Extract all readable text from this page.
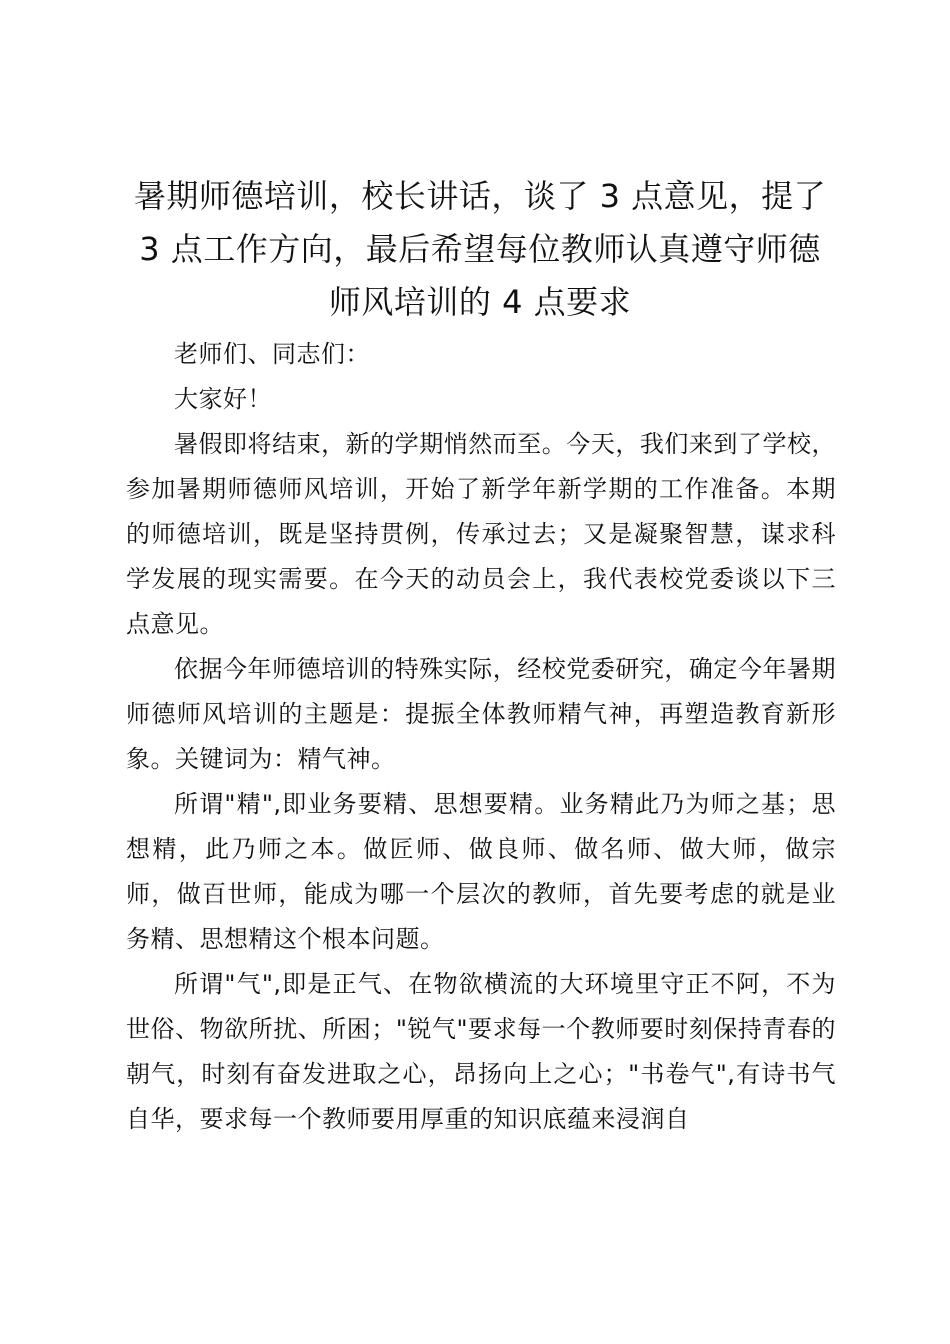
暑期师德培训，校长讲话，谈了 3 点意见，提了 3 点工作方向，最后希望每位教师认真遵守师德师风培训的 4 点要求

老师们、同志们：

大家好！

暑假即将结束，新的学期悄然而至。今天，我们来到了学校，参加暑期师德师风培训，开始了新学年新学期的工作准备。本期的师德培训，既是坚持贯例，传承过去；又是凝聚智慧，谋求科学发展的现实需要。在今天的动员会上，我代表校党委谈以下三点意见。

依据今年师德培训的特殊实际，经校党委研究，确定今年暑期师德师风培训的主题是：提振全体教师精气神，再塑造教育新形象。关键词为：精气神。

所谓"精",即业务要精、思想要精。业务精此乃为师之基；思想精，此乃师之本。做匠师、做良师、做名师、做大师，做宗师，做百世师，能成为哪一个层次的教师，首先要考虑的就是业务精、思想精这个根本问题。

所谓"气",即是正气、在物欲横流的大环境里守正不阿，不为世俗、物欲所扰、所困；"锐气"要求每一个教师要时刻保持青春的朝气，时刻有奋发进取之心，昂扬向上之心；"书卷气",有诗书气自华，要求每一个教师要用厚重的知识底蕴来浸润自
